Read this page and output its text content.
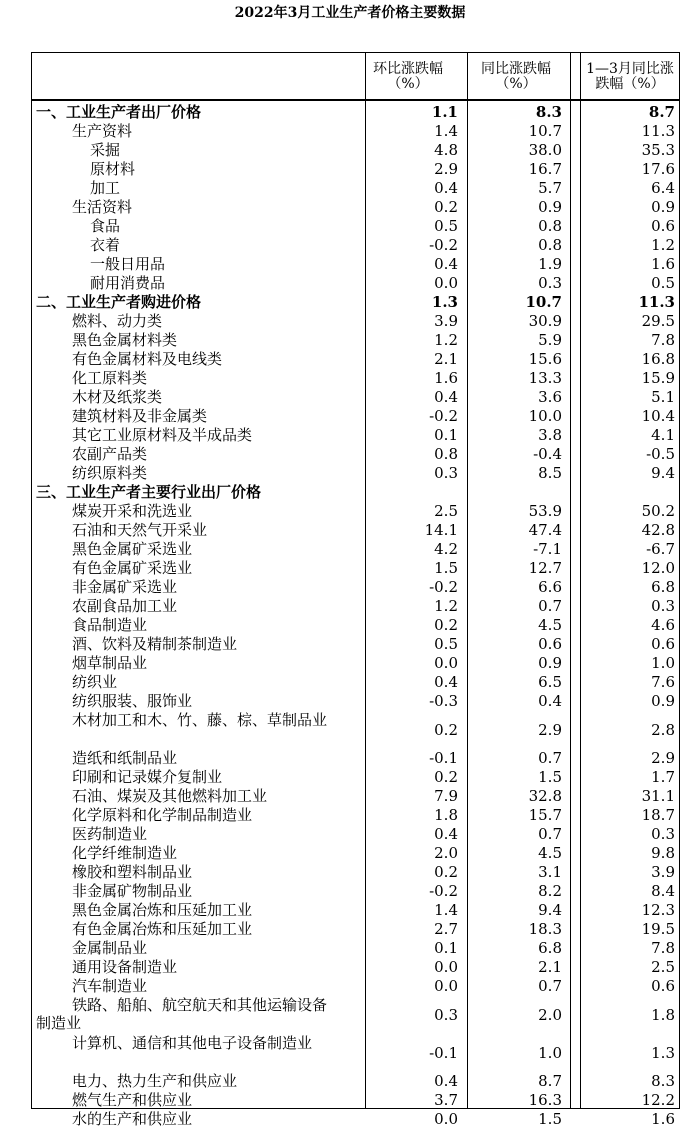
2022年3月工业生产者价格主要数据
环比涨跌幅（%）
同比涨跌幅（%）
1—3月同比涨跌幅（%）
一、工业生产者出厂价格	1.1	8.3	8.7
生产资料	1.4	10.7	11.3
采掘	4.8	38.0	35.3
原材料	2.9	16.7	17.6
加工	0.4	5.7	6.4
生活资料	0.2	0.9	0.9
食品	0.5	0.8	0.6
衣着	-0.2	0.8	1.2
一般日用品	0.4	1.9	1.6
耐用消费品	0.0	0.3	0.5
二、工业生产者购进价格	1.3	10.7	11.3
燃料、动力类	3.9	30.9	29.5
黑色金属材料类	1.2	5.9	7.8
有色金属材料及电线类	2.1	15.6	16.8
化工原料类	1.6	13.3	15.9
木材及纸浆类	0.4	3.6	5.1
建筑材料及非金属类	-0.2	10.0	10.4
其它工业原材料及半成品类	0.1	3.8	4.1
农副产品类	0.8	-0.4	-0.5
纺织原料类	0.3	8.5	9.4
三、工业生产者主要行业出厂价格
煤炭开采和洗选业	2.5	53.9	50.2
石油和天然气开采业	14.1	47.4	42.8
黑色金属矿采选业	4.2	-7.1	-6.7
有色金属矿采选业	1.5	12.7	12.0
非金属矿采选业	-0.2	6.6	6.8
农副食品加工业	1.2	0.7	0.3
食品制造业	0.2	4.5	4.6
酒、饮料及精制茶制造业	0.5	0.6	0.6
烟草制品业	0.0	0.9	1.0
纺织业	0.4	6.5	7.6
纺织服装、服饰业	-0.3	0.4	0.9
木材加工和木、竹、藤、棕、草制品业
0.2	2.9	2.8
造纸和纸制品业	-0.1	0.7	2.9
印刷和记录媒介复制业	0.2	1.5	1.7
石油、煤炭及其他燃料加工业	7.9	32.8	31.1
化学原料和化学制品制造业	1.8	15.7	18.7
医药制造业	0.4	0.7	0.3
化学纤维制造业	2.0	4.5	9.8
橡胶和塑料制品业	0.2	3.1	3.9
非金属矿物制品业	-0.2	8.2	8.4
黑色金属冶炼和压延加工业	1.4	9.4	12.3
有色金属冶炼和压延加工业	2.7	18.3	19.5
金属制品业	0.1	6.8	7.8
通用设备制造业	0.0	2.1	2.5
汽车制造业	0.0	0.7	0.6
铁路、船舶、航空航天和其他运输设备制造业	0.3	2.0	1.8
计算机、通信和其他电子设备制造业
-0.1	1.0	1.3
电力、热力生产和供应业	0.4	8.7	8.3
燃气生产和供应业	3.7	16.3	12.2
水的生产和供应业	0.0	1.5	1.6
